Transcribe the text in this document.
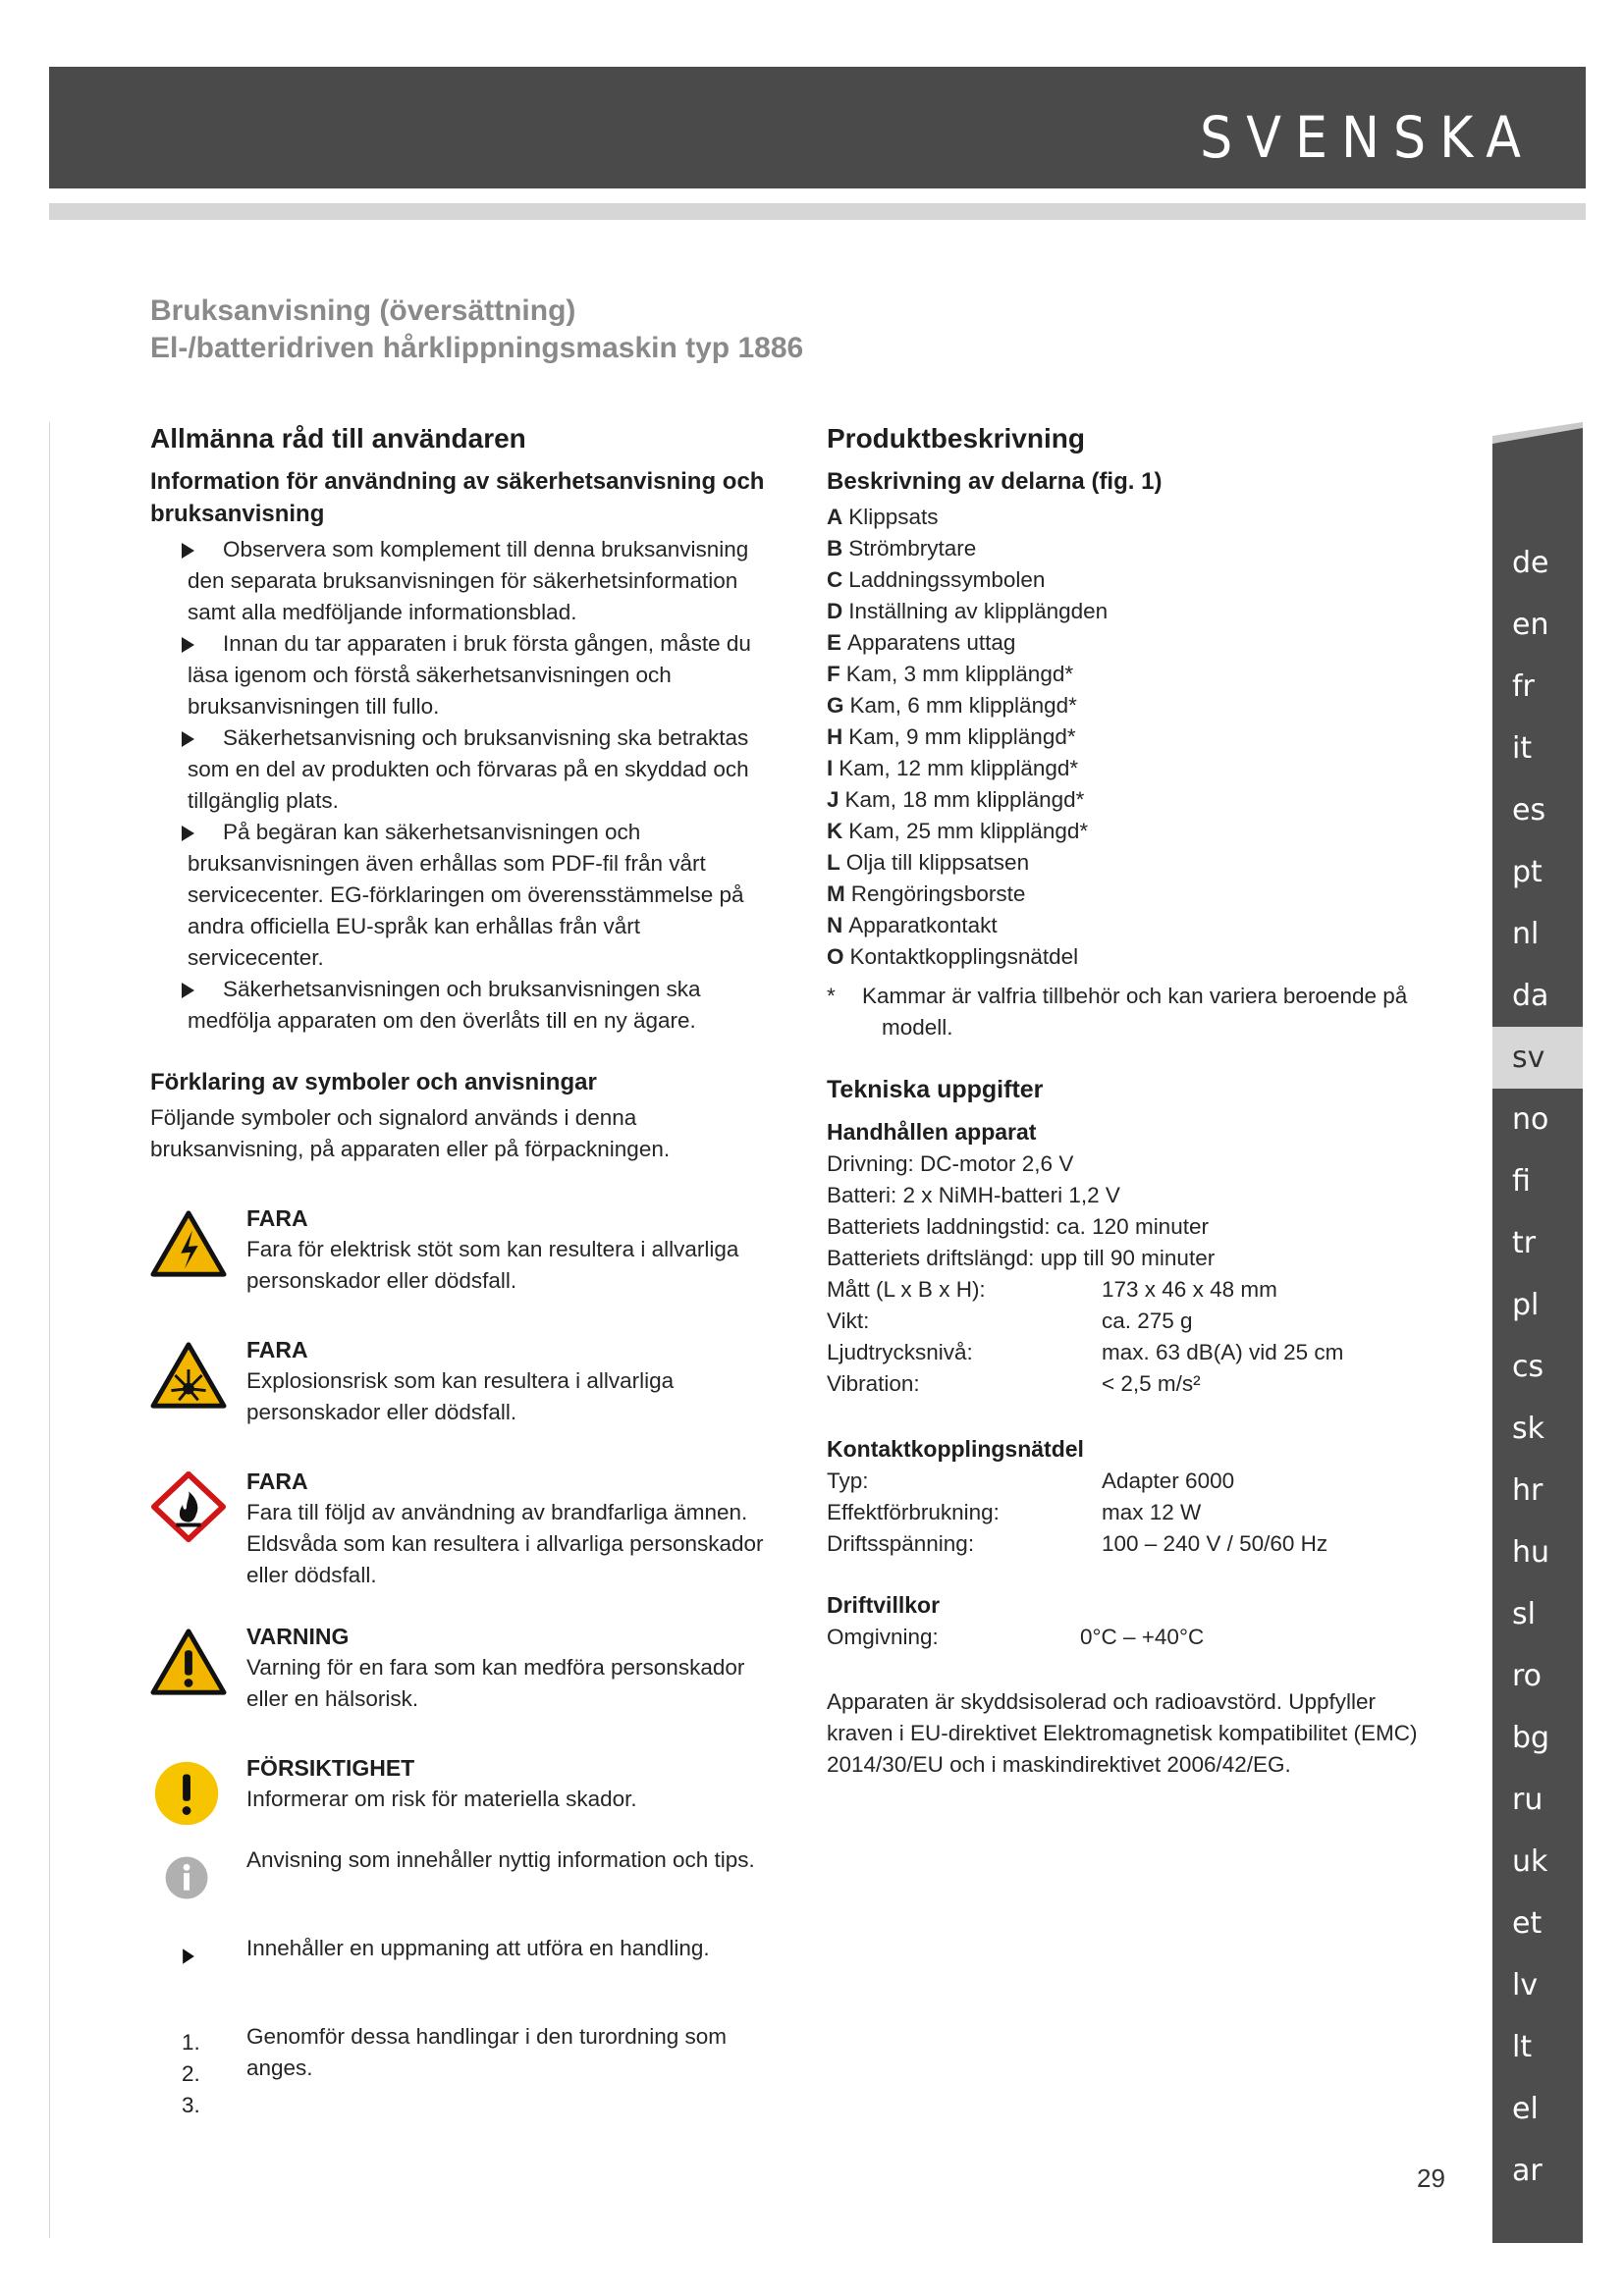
SVENSKA
Bruksanvisning (översättning)
El-/batteridriven hårklippningsmaskin typ 1886
Allmänna råd till användaren
Information för användning av säkerhetsanvisning och
bruksanvisning
Observera som komplement till denna bruksanvisning den separata bruksanvisningen för säkerhetsinformation samt alla medföljande informationsblad.
Innan du tar apparaten i bruk första gången, måste du läsa igenom och förstå säkerhetsanvisningen och bruksanvisningen till fullo.
Säkerhetsanvisning och bruksanvisning ska betraktas som en del av produkten och förvaras på en skyddad och tillgänglig plats.
På begäran kan säkerhetsanvisningen och bruksanvisningen även erhållas som PDF-fil från vårt servicecenter. EG-förklaringen om överensstämmelse på andra officiella EU-språk kan erhållas från vårt servicecenter.
Säkerhetsanvisningen och bruksanvisningen ska medfölja apparaten om den överlåts till en ny ägare.
Förklaring av symboler och anvisningar

Följande symboler och signalord används i denna bruksanvisning, på apparaten eller på förpackningen.

FARA

Fara för elektrisk stöt som kan resultera i allvarliga personskador eller dödsfall.

FARA

Explosionsrisk som kan resultera i allvarliga personskador eller dödsfall.

FARA

Fara till följd av användning av brandfarliga ämnen. Eldsvåda som kan resultera i allvarliga personskador eller dödsfall.

VARNING

Varning för en fara som kan medföra personskador eller en hälsorisk.

FÖRSIKTIGHET

Informerar om risk för materiella skador.

Anvisning som innehåller nyttig information och tips.

Innehåller en uppmaning att utföra en handling.

1.
2.
3.

Genomför dessa handlingar i den turordning som anges.

Produktbeskrivning
Beskrivning av delarna (fig. 1)
A Klippsats
B Strömbrytare
C Laddningssymbolen
D Inställning av klipplängden
E Apparatens uttag
F Kam, 3 mm klipplängd*
G Kam, 6 mm klipplängd*
H Kam, 9 mm klipplängd*
I Kam, 12 mm klipplängd*
J Kam, 18 mm klipplängd*
K Kam, 25 mm klipplängd*
L Olja till klippsatsen
M Rengöringsborste
N Apparatkontakt
O Kontaktkopplingsnätdel
* Kammar är valfria tillbehör och kan variera beroende på modell.
Tekniska uppgifter
Handhållen apparat
Drivning: DC-motor 2,6 V
Batteri: 2 x NiMH-batteri 1,2 V
Batteriets laddningstid: ca. 120 minuter
Batteriets driftslängd: upp till 90 minuter
Mått (L x B x H):	173 x 46 x 48 mm
Vikt:	ca. 275 g
Ljudtrycksnivå:	max. 63 dB(A) vid 25 cm
Vibration:	< 2,5 m/s²
Kontaktkopplingsnätdel
Typ:	Adapter 6000
Effektförbrukning:	max 12 W
Driftsspänning:	100 – 240 V / 50/60 Hz
Driftvillkor
Omgivning:	0°C – +40°C

Apparaten är skyddsisolerad och radioavstörd. Uppfyller kraven i EU-direktivet Elektromagnetisk kompatibilitet (EMC) 2014/30/EU och i maskindirektivet 2006/42/EG.

de
en
fr
it
es
pt
nl
da
sv
no
fi
tr
pl
cs
sk
hr
hu
sl
ro
bg
ru
uk
et
lv
lt
el
ar
29
